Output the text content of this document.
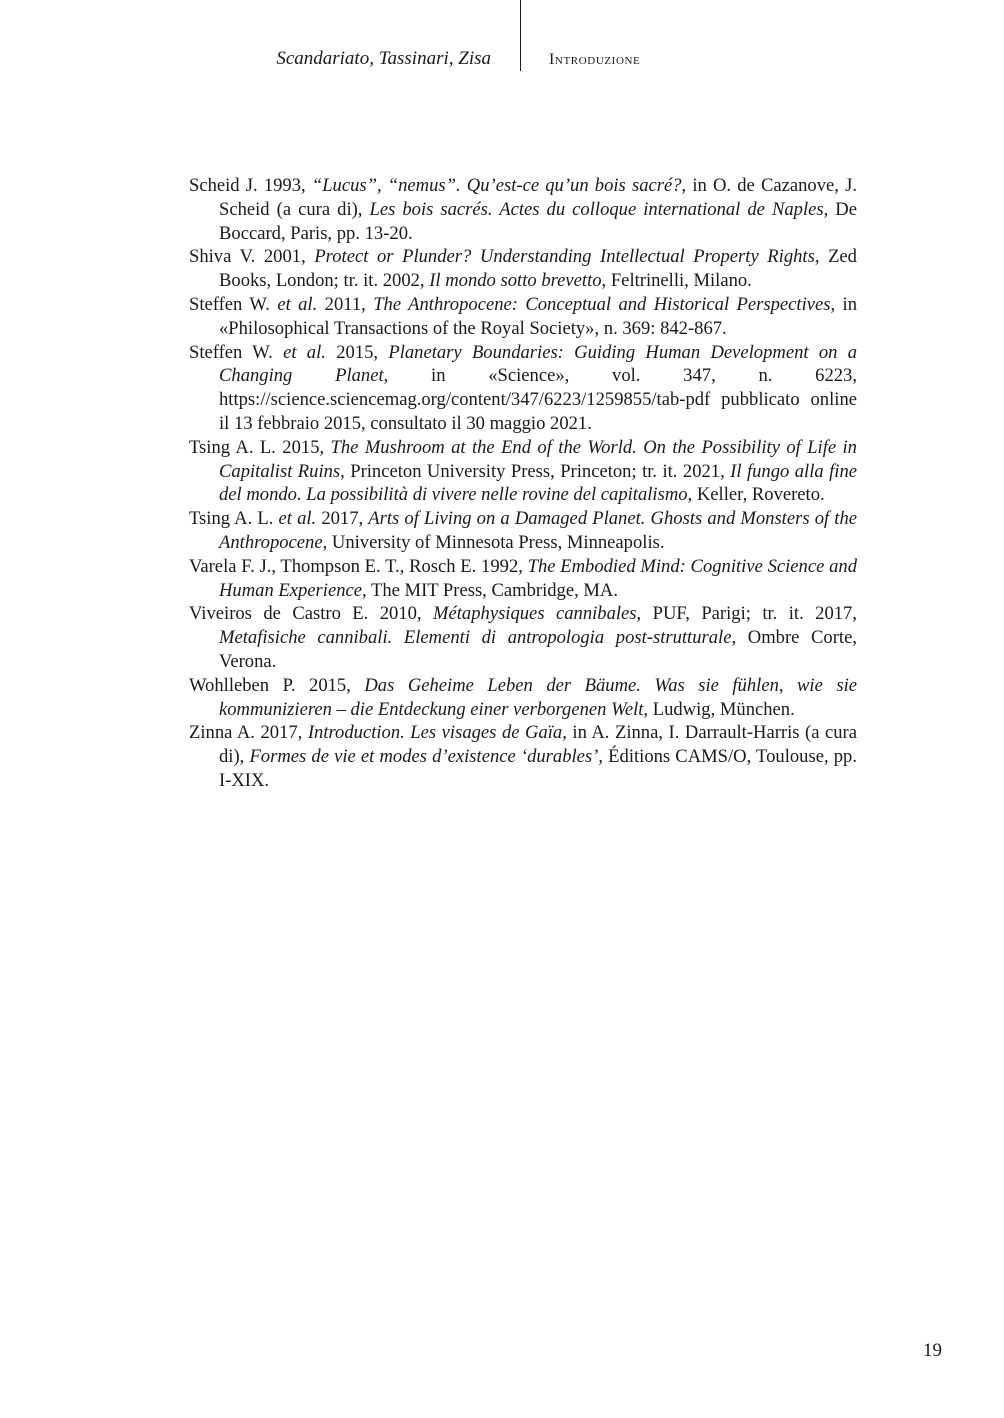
Scandariato, Tassinari, Zisa	Introduzione
Scheid J. 1993, “Lucus”, “nemus”. Qu’est-ce qu’un bois sacré?, in O. de Cazanove, J. Scheid (a cura di), Les bois sacrés. Actes du colloque international de Naples, De Boccard, Paris, pp. 13-20.
Shiva V. 2001, Protect or Plunder? Understanding Intellectual Property Rights, Zed Books, London; tr. it. 2002, Il mondo sotto brevetto, Feltrinelli, Milano.
Steffen W. et al. 2011, The Anthropocene: Conceptual and Historical Perspectives, in «Philosophical Transactions of the Royal Society», n. 369: 842-867.
Steffen W. et al. 2015, Planetary Boundaries: Guiding Human Development on a Changing Planet, in «Science», vol. 347, n. 6223, https://science.sciencemag.org/content/347/6223/1259855/tab-pdf pubblicato online il 13 febbraio 2015, consultato il 30 maggio 2021.
Tsing A. L. 2015, The Mushroom at the End of the World. On the Possibility of Life in Capitalist Ruins, Princeton University Press, Princeton; tr. it. 2021, Il fungo alla fine del mondo. La possibilità di vivere nelle rovine del capitalismo, Keller, Rovereto.
Tsing A. L. et al. 2017, Arts of Living on a Damaged Planet. Ghosts and Monsters of the Anthropocene, University of Minnesota Press, Minneapolis.
Varela F. J., Thompson E. T., Rosch E. 1992, The Embodied Mind: Cognitive Science and Human Experience, The MIT Press, Cambridge, MA.
Viveiros de Castro E. 2010, Métaphysiques cannibales, PUF, Parigi; tr. it. 2017, Metafisiche cannibali. Elementi di antropologia post-strutturale, Ombre Corte, Verona.
Wohlleben P. 2015, Das Geheime Leben der Bäume. Was sie fühlen, wie sie kommunizieren – die Entdeckung einer verborgenen Welt, Ludwig, München.
Zinna A. 2017, Introduction. Les visages de Gaïa, in A. Zinna, I. Darrault-Harris (a cura di), Formes de vie et modes d’existence ‘durables’, Éditions CAMS/O, Toulouse, pp. I-XIX.
19
